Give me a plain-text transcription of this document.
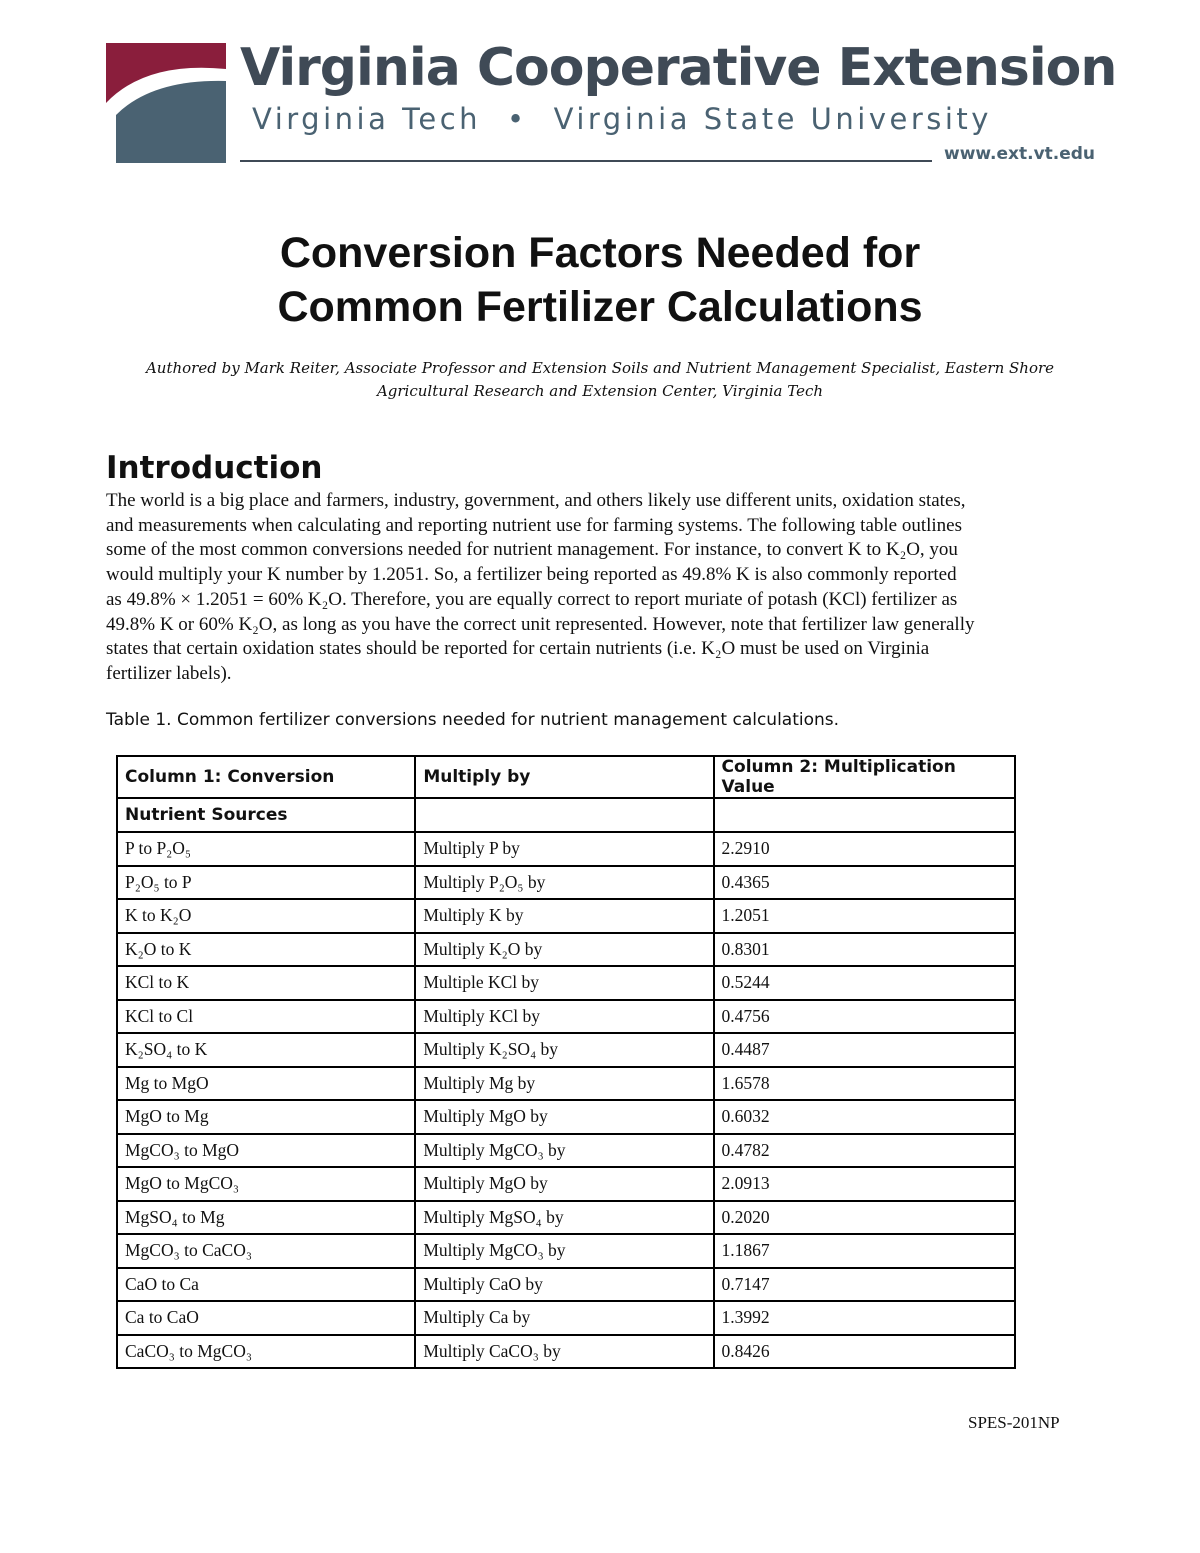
Virginia Cooperative Extension
Virginia Tech • Virginia State University
www.ext.vt.edu
Conversion Factors Needed for
Common Fertilizer Calculations
Authored by Mark Reiter, Associate Professor and Extension Soils and Nutrient Management Specialist, Eastern Shore
Agricultural Research and Extension Center, Virginia Tech
Introduction
The world is a big place and farmers, industry, government, and others likely use different units, oxidation states,
and measurements when calculating and reporting nutrient use for farming systems. The following table outlines
some of the most common conversions needed for nutrient management. For instance, to convert K to K₂O, you
would multiply your K number by 1.2051. So, a fertilizer being reported as 49.8% K is also commonly reported
as 49.8% × 1.2051 = 60% K₂O. Therefore, you are equally correct to report muriate of potash (KCl) fertilizer as
49.8% K or 60% K₂O, as long as you have the correct unit represented. However, note that fertilizer law generally
states that certain oxidation states should be reported for certain nutrients (i.e. K₂O must be used on Virginia
fertilizer labels).
Table 1. Common fertilizer conversions needed for nutrient management calculations.
Column 1: Conversion	Multiply by	Column 2: Multiplication Value
Nutrient Sources		
P to P₂O₅	Multiply P by	2.2910
P₂O₅ to P	Multiply P₂O₅ by	0.4365
K to K₂O	Multiply K by	1.2051
K₂O to K	Multiply K₂O by	0.8301
KCl to K	Multiple KCl by	0.5244
KCl to Cl	Multiply KCl by	0.4756
K₂SO₄ to K	Multiply K₂SO₄ by	0.4487
Mg to MgO	Multiply Mg by	1.6578
MgO to Mg	Multiply MgO by	0.6032
MgCO₃ to MgO	Multiply MgCO₃ by	0.4782
MgO to MgCO₃	Multiply MgO by	2.0913
MgSO₄ to Mg	Multiply MgSO₄ by	0.2020
MgCO₃ to CaCO₃	Multiply MgCO₃ by	1.1867
CaO to Ca	Multiply CaO by	0.7147
Ca to CaO	Multiply Ca by	1.3992
CaCO₃ to MgCO₃	Multiply CaCO₃ by	0.8426
SPES-201NP
